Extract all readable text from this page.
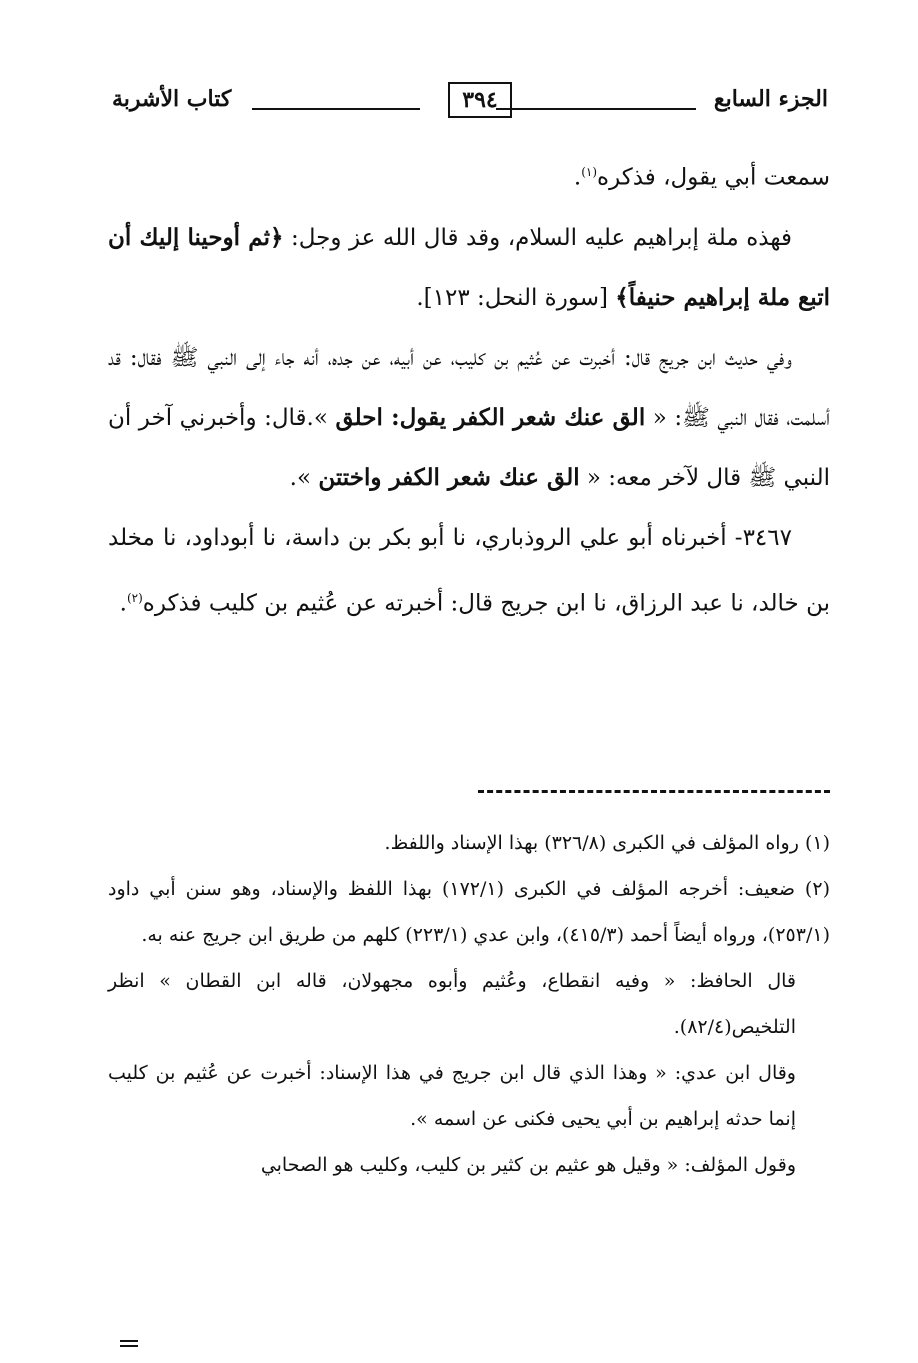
الجزء السابع
٣٩٤
كتاب الأشربة

سمعت أبي يقول، فذكره$^{(١)}$.

فهذه ملة إبراهيم عليه السلام، وقد قال الله عز وجل: ﴿ثم أوحينا إليك أن اتبع ملة إبراهيم حنيفاً﴾ [سورة النحل: ١٢٣].

وفي حديث ابن جريج قال: أخبرت عن عُثيم بن كليب، عن أبيه، عن جده، أنه جاء إلى النبي ﷺ فقال: قد أسلمت، فقال النبي ﷺ: « الق عنك شعر الكفر يقول: احلق ».قال: وأخبرني آخر أن النبي ﷺ قال لآخر معه: « الق عنك شعر الكفر واختتن ».

٣٤٦٧- أخبرناه أبو علي الروذباري، نا أبو بكر بن داسة، نا أبوداود، نا مخلد بن خالد، نا عبد الرزاق، نا ابن جريج قال: أخبرته عن عُثيم بن كليب فذكره$^{(٢)}$.

(١) رواه المؤلف في الكبرى (٣٢٦/٨) بهذا الإسناد واللفظ.

(٢) ضعيف: أخرجه المؤلف في الكبرى (١٧٢/١) بهذا اللفظ والإسناد، وهو سنن أبي داود (٢٥٣/١)، ورواه أيضاً أحمد (٤١٥/٣)، وابن عدي (٢٢٣/١) كلهم من طريق ابن جريج عنه به.

قال الحافظ: « وفيه انقطاع، وعُثيم وأبوه مجهولان، قاله ابن القطان » انظر التلخيص(٨٢/٤).

وقال ابن عدي: « وهذا الذي قال ابن جريج في هذا الإسناد: أخبرت عن عُثيم بن كليب إنما حدثه إبراهيم بن أبي يحيى فكنى عن اسمه ».

وقول المؤلف: « وقيل هو عثيم بن كثير بن كليب، وكليب هو الصحابي
